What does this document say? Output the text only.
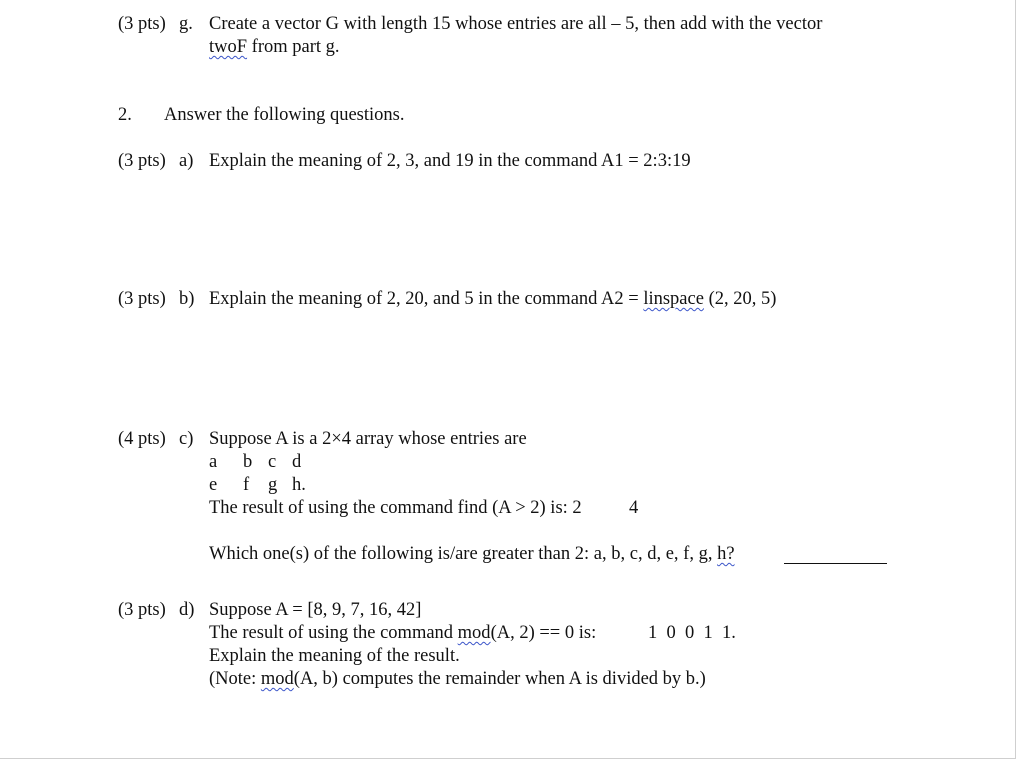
(3 pts) g. Create a vector G with length 15 whose entries are all – 5, then add with the vector
twoF from part g.
2. Answer the following questions.
(3 pts) a) Explain the meaning of 2, 3, and 19 in the command A1 = 2:3:19
(3 pts) b) Explain the meaning of 2, 20, and 5 in the command A2 = linspace (2, 20, 5)
(4 pts) c) Suppose A is a 2×4 array whose entries are
a b c d
e f g h.
The result of using the command find (A > 2) is: 2	4
Which one(s) of the following is/are greater than 2: a, b, c, d, e, f, g, h?
(3 pts) d) Suppose A = [8, 9, 7, 16, 42]
The result of using the command mod(A, 2) == 0 is:	1  0  0  1  1.
Explain the meaning of the result.
(Note: mod(A, b) computes the remainder when A is divided by b.)
